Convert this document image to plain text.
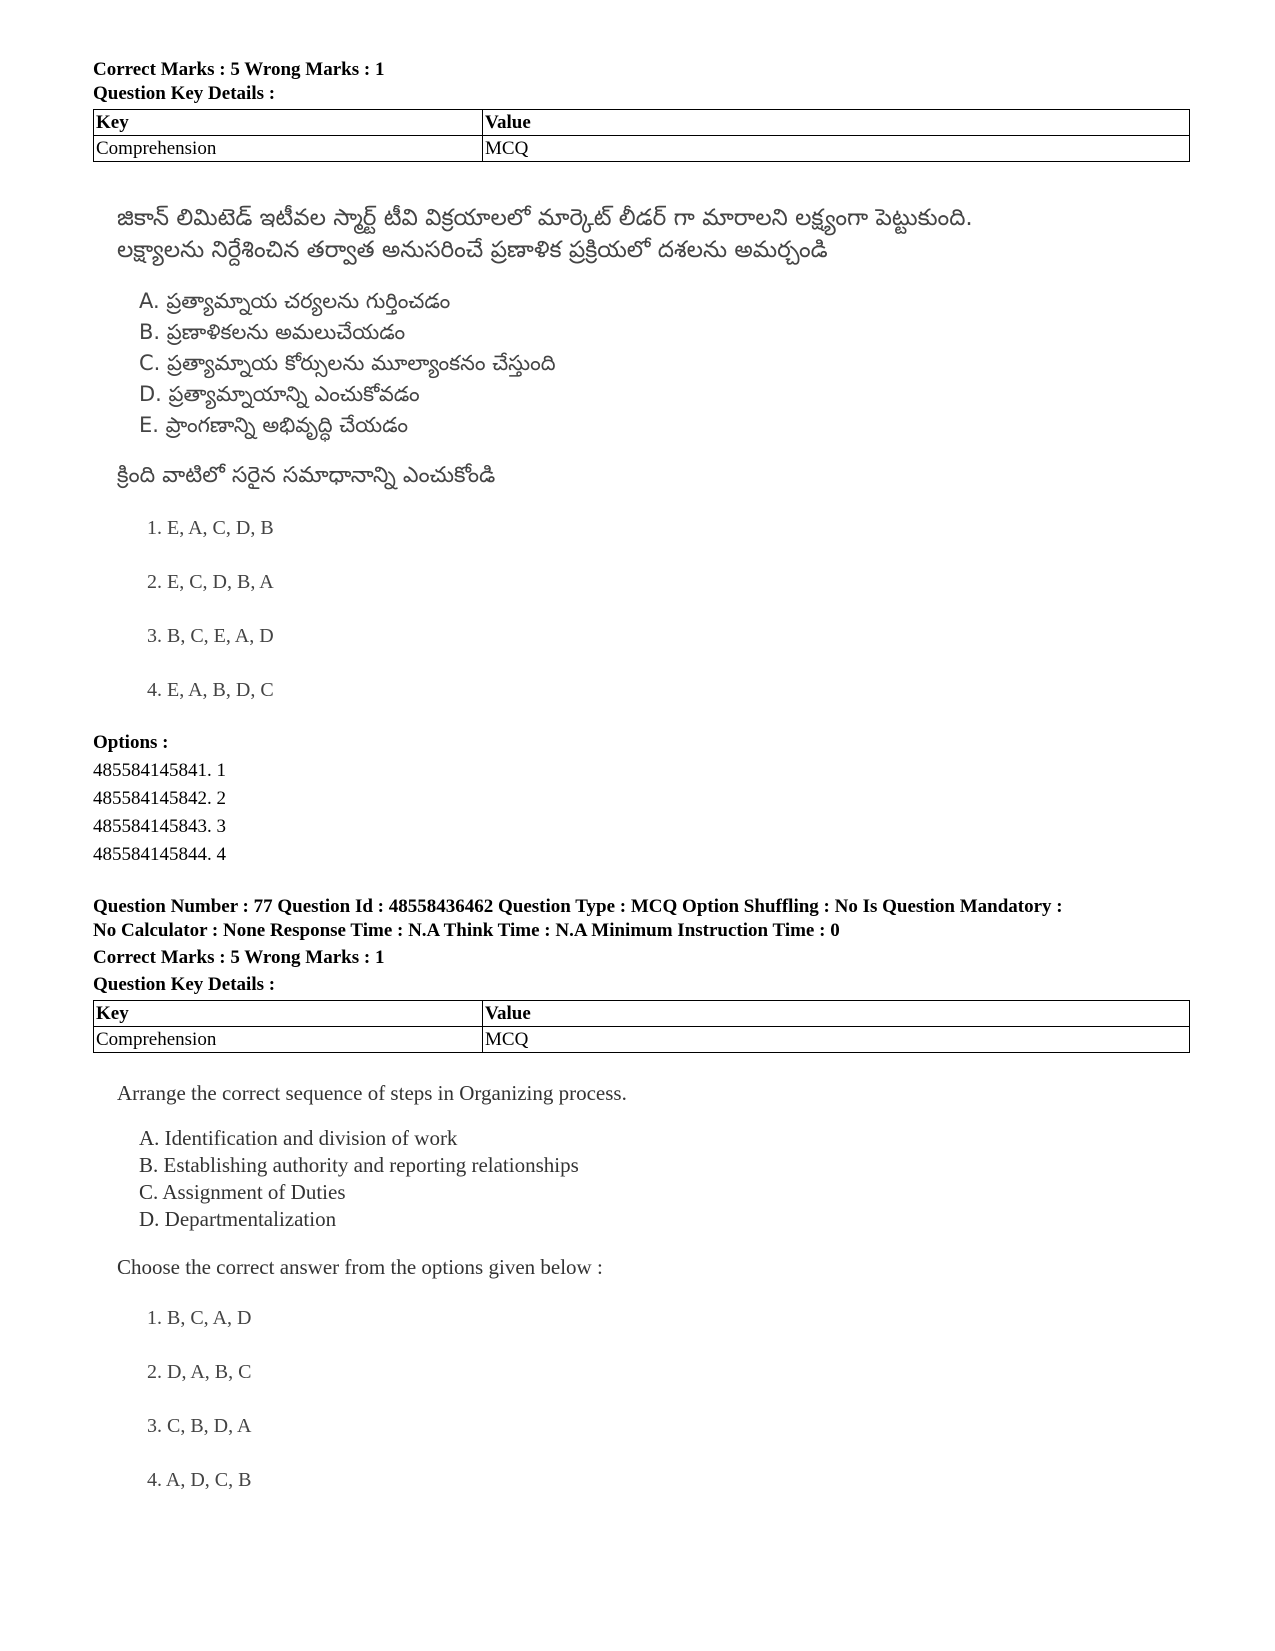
Correct Marks : 5 Wrong Marks : 1
Question Key Details :
Key	Value
Comprehension	MCQ
జికాన్ లిమిటెడ్ ఇటీవల స్మార్ట్ టీవి విక్రయాలలో మార్కెట్ లీడర్ గా మారాలని లక్ష్యంగా పెట్టుకుంది.
లక్ష్యాలను నిర్దేశించిన తర్వాత అనుసరించే ప్రణాళిక ప్రక్రియలో దశలను అమర్చండి
A. ప్రత్యామ్నాయ చర్యలను గుర్తించడం
B. ప్రణాళికలను అమలుచేయడం
C. ప్రత్యామ్నాయ కోర్సులను మూల్యాంకనం చేస్తుంది
D. ప్రత్యామ్నాయాన్ని ఎంచుకోవడం
E. ప్రాంగణాన్ని అభివృద్ధి చేయడం
క్రింది వాటిలో సరైన సమాధానాన్ని ఎంచుకోండి
1. E, A, C, D, B
2. E, C, D, B, A
3. B, C, E, A, D
4. E, A, B, D, C
Options :
485584145841. 1
485584145842. 2
485584145843. 3
485584145844. 4
Question Number : 77 Question Id : 48558436462 Question Type : MCQ Option Shuffling : No Is Question Mandatory :
No Calculator : None Response Time : N.A Think Time : N.A Minimum Instruction Time : 0
Correct Marks : 5 Wrong Marks : 1
Question Key Details :
Key	Value
Comprehension	MCQ
Arrange the correct sequence of steps in Organizing process.
A. Identification and division of work
B. Establishing authority and reporting relationships
C. Assignment of Duties
D. Departmentalization
Choose the correct answer from the options given below :
1. B, C, A, D
2. D, A, B, C
3. C, B, D, A
4. A, D, C, B
